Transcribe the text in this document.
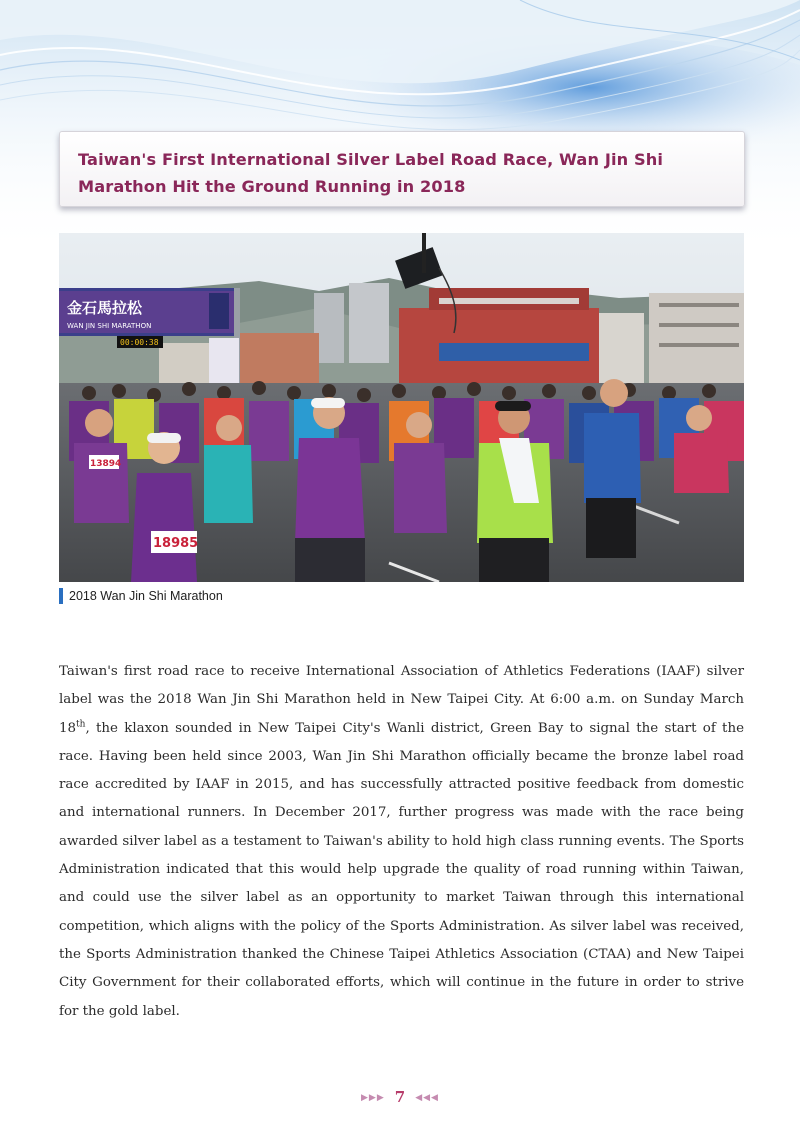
Taiwan's First International Silver Label Road Race, Wan Jin Shi Marathon Hit the Ground Running in 2018
金石馬拉松
WAN JIN SHI MARATHON
00:00:38
18985
13894
2018 Wan Jin Shi Marathon

Taiwan's first road race to receive International Association of Athletics Federations (IAAF) silver label was the 2018 Wan Jin Shi Marathon held in New Taipei City. At 6:00 a.m. on Sunday March 18th, the klaxon sounded in New Taipei City's Wanli district, Green Bay to signal the start of the race. Having been held since 2003, Wan Jin Shi Marathon officially became the bronze label road race accredited by IAAF in 2015, and has successfully attracted positive feedback from domestic and international runners. In December 2017, further progress was made with the race being awarded silver label as a testament to Taiwan's ability to hold high class running events. The Sports Administration indicated that this would help upgrade the quality of road running within Taiwan, and could use the silver label as an opportunity to market Taiwan through this international competition, which aligns with the policy of the Sports Administration. As silver label was received, the Sports Administration thanked the Chinese Taipei Athletics Association (CTAA) and New Taipei City Government for their collaborated efforts, which will continue in the future in order to strive for the gold label.

▶▶▶ 7 ◀◀◀
